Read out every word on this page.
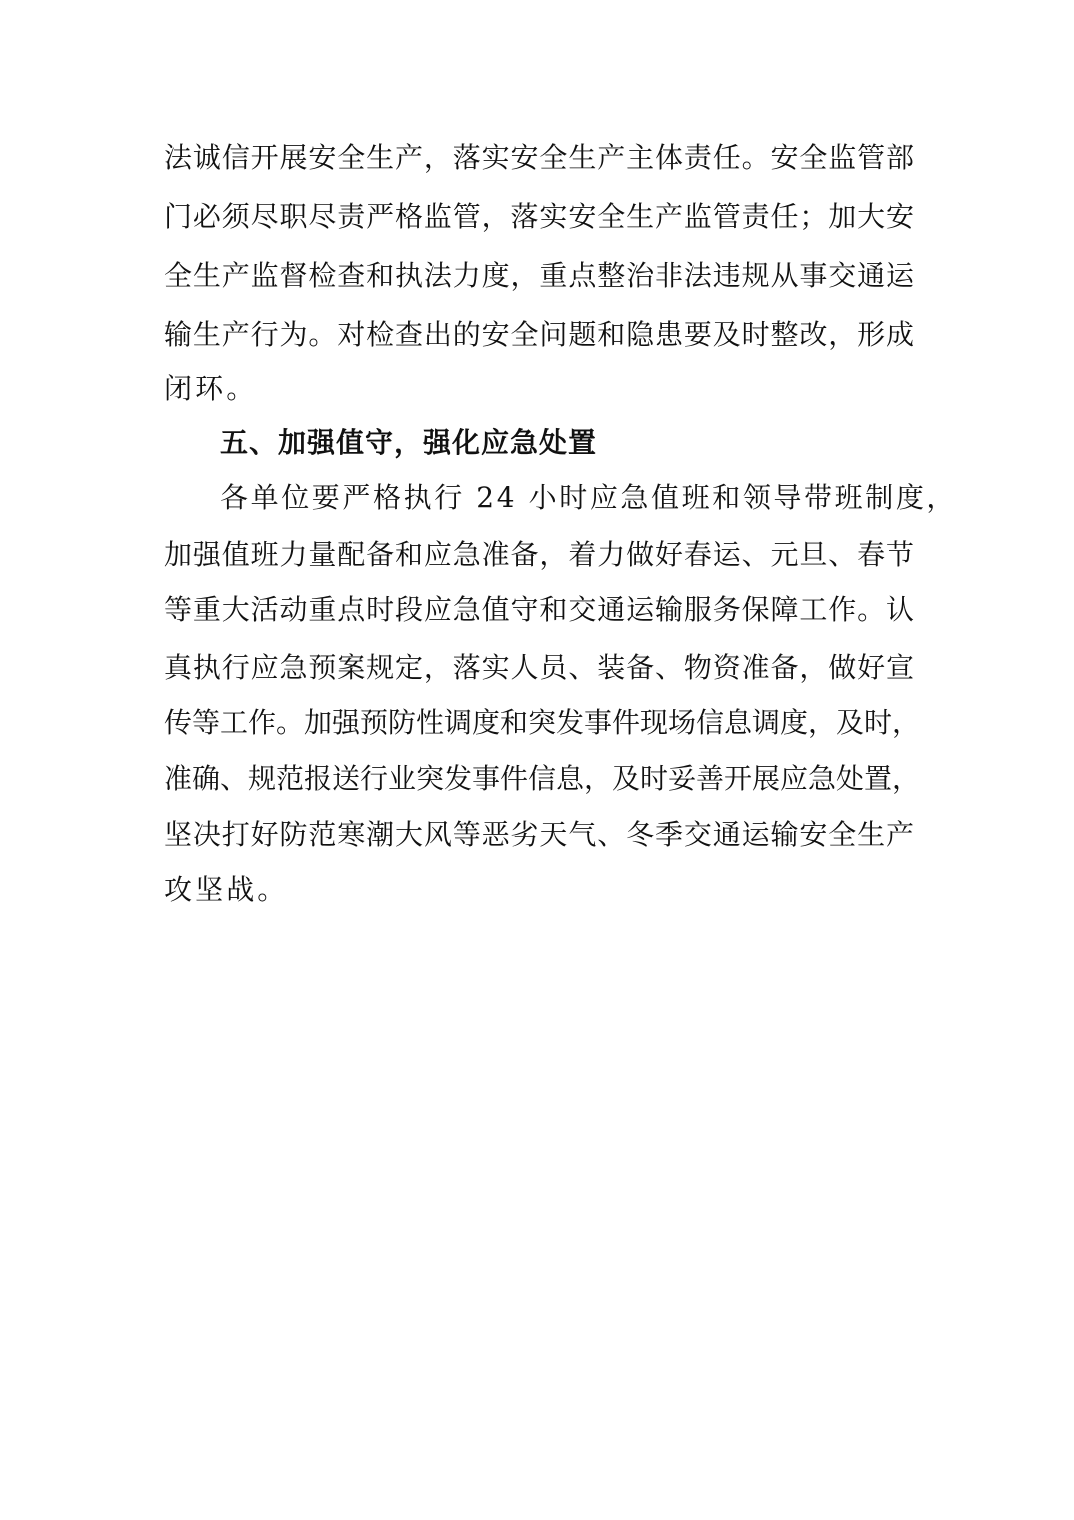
法诚信开展安全生产，落实安全生产主体责任。安全监管部

门必须尽职尽责严格监管，落实安全生产监管责任；加大安

全生产监督检查和执法力度，重点整治非法违规从事交通运

输生产行为。对检查出的安全问题和隐患要及时整改，形成

闭环。

五、加强值守，强化应急处置

各单位要严格执行 24 小时应急值班和领导带班制度，

加强值班力量配备和应急准备，着力做好春运、元旦、春节

等重大活动重点时段应急值守和交通运输服务保障工作。认

真执行应急预案规定，落实人员、装备、物资准备，做好宣

传等工作。加强预防性调度和突发事件现场信息调度，及时，

准确、规范报送行业突发事件信息，及时妥善开展应急处置，

坚决打好防范寒潮大风等恶劣天气、冬季交通运输安全生产

攻坚战。
